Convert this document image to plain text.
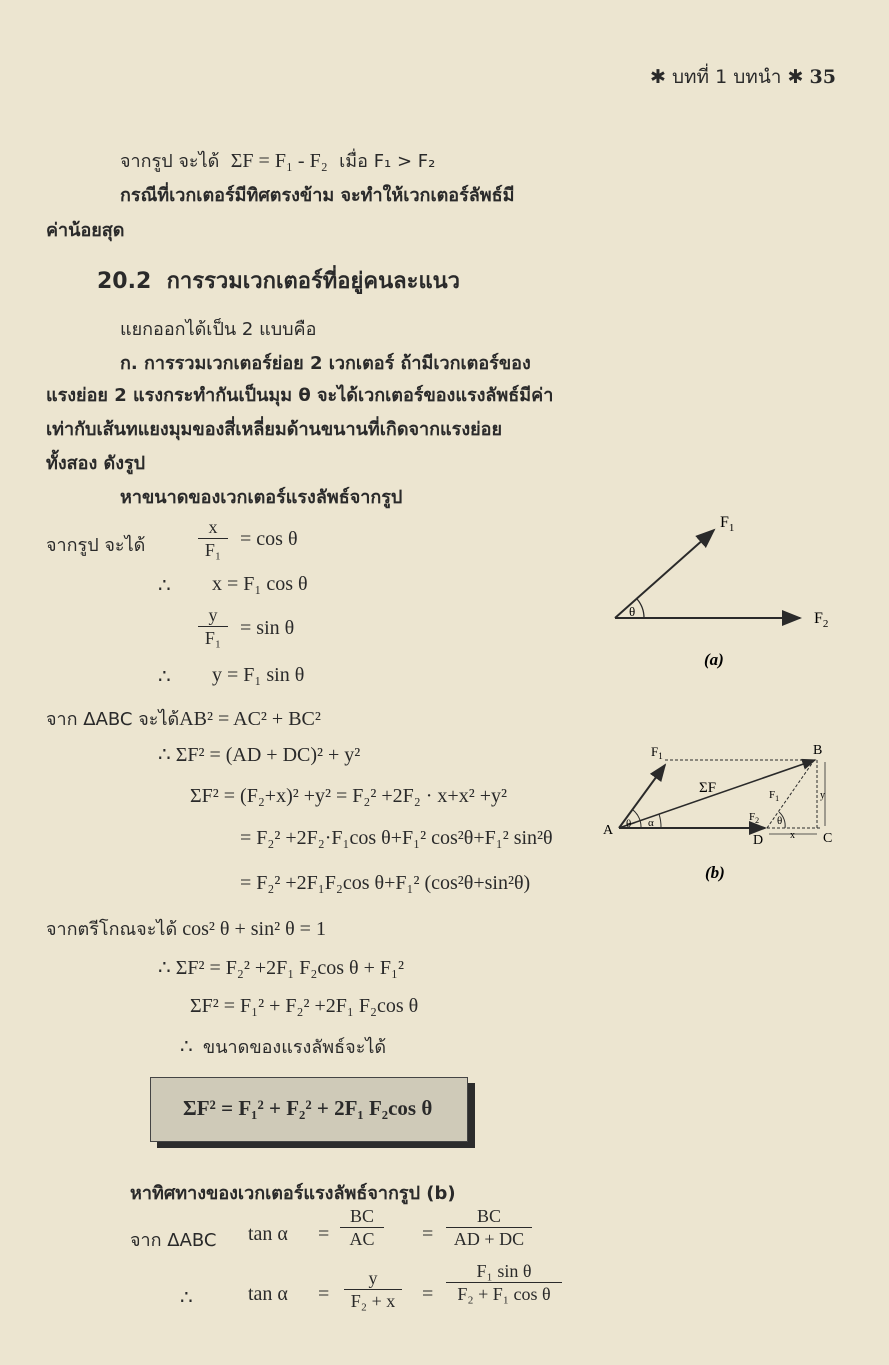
✱ บทที่ 1 บทนำ ✱ 35
จากรูป จะได้ ΣF = F₁ - F₂ เมื่อ F₁ > F₂
กรณีที่เวกเตอร์มีทิศตรงข้าม จะทำให้เวกเตอร์ลัพธ์มี
ค่าน้อยสุด
20.2 การรวมเวกเตอร์ที่อยู่คนละแนว
แยกออกได้เป็น 2 แบบคือ
ก. การรวมเวกเตอร์ย่อย 2 เวกเตอร์ ถ้ามีเวกเตอร์ของ
แรงย่อย 2 แรงกระทำกันเป็นมุม θ จะได้เวกเตอร์ของแรงลัพธ์มีค่า
เท่ากับเส้นทแยงมุมของสี่เหลี่ยมด้านขนานที่เกิดจากแรงย่อย
ทั้งสอง ดังรูป
หาขนาดของเวกเตอร์แรงลัพธ์จากรูป
จากรูป จะได้	$\frac{x}{\text{F₁}} = \cos \theta$
∴ x = F₁ cos θ
$\frac{y}{\text{F₁}} = \sin \theta$
∴ y = F₁ sin θ
จาก ΔABC จะได้AB² = AC² + BC²
∴ ΣF² = (AD + DC)² + y²
ΣF² = (F₂+x)² +y² = F₂² +2F₂ · x+x² +y²
= F₂² +2F₂·F₁cos θ+F₁² cos²θ+F₁² sin²θ
= F₂² +2F₁F₂cos θ+F₁² (cos²θ+sin²θ)
จากตรีโกณจะได้ cos² θ + sin² θ = 1
∴ ΣF² = F₂² +2F₁ F₂cos θ + F₁²
ΣF² = F₁² + F₂² +2F₁ F₂cos θ
∴ ขนาดของแรงลัพธ์จะได้
ΣF² = F₁² + F₂² + 2F₁ F₂cos θ
หาทิศทางของเวกเตอร์แรงลัพธ์จากรูป (b)
จาก ΔABC $\tan \alpha = \frac{BC}{AC} = \frac{BC}{AD + DC}$
∴	$\tan \alpha = \frac{y}{\text{F₂ + x}} = \frac{\text{F₁ sin θ}}{\text{F₂ + F₁ cos θ}}$
θ
$F_1$
$F_2$
(a)
θ α	θ
$F_1$
ΣF	$F_1$
$F_2$
A
B
C
D	x
y
(b)
